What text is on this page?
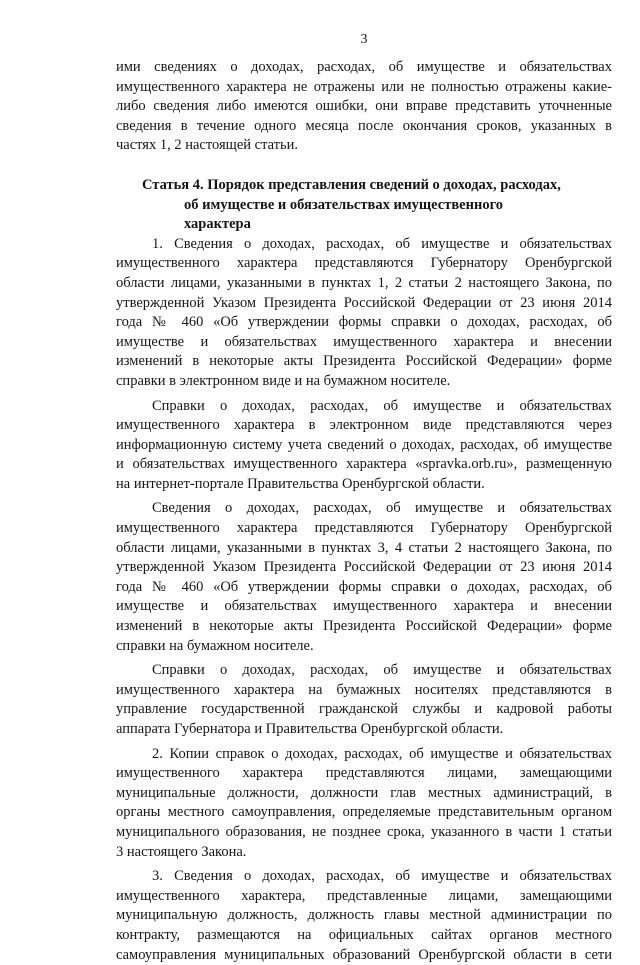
3
ими сведениях о доходах, расходах, об имуществе и обязательствах
имущественного характера не отражены или не полностью отражены какие-
либо сведения либо имеются ошибки, они вправе представить уточненные
сведения в течение одного месяца после окончания сроков, указанных в
частях 1, 2 настоящей статьи.
Статья 4. Порядок представления сведений о доходах, расходах,
об имуществе и обязательствах имущественного
характера
1. Сведения о доходах, расходах, об имуществе и обязательствах
имущественного характера представляются Губернатору Оренбургской
области лицами, указанными в пунктах 1, 2 статьи 2 настоящего Закона, по
утвержденной Указом Президента Российской Федерации от 23 июня 2014
года № 460 «Об утверждении формы справки о доходах, расходах, об
имуществе и обязательствах имущественного характера и внесении
изменений в некоторые акты Президента Российской Федерации» форме
справки в электронном виде и на бумажном носителе.
Справки о доходах, расходах, об имуществе и обязательствах
имущественного характера в электронном виде представляются через
информационную систему учета сведений о доходах, расходах, об имуществе
и обязательствах имущественного характера «spravka.orb.ru», размещенную
на интернет-портале Правительства Оренбургской области.
Сведения о доходах, расходах, об имуществе и обязательствах
имущественного характера представляются Губернатору Оренбургской
области лицами, указанными в пунктах 3, 4 статьи 2 настоящего Закона, по
утвержденной Указом Президента Российской Федерации от 23 июня 2014
года № 460 «Об утверждении формы справки о доходах, расходах, об
имуществе и обязательствах имущественного характера и внесении
изменений в некоторые акты Президента Российской Федерации» форме
справки на бумажном носителе.
Справки о доходах, расходах, об имуществе и обязательствах
имущественного характера на бумажных носителях представляются в
управление государственной гражданской службы и кадровой работы
аппарата Губернатора и Правительства Оренбургской области.
2. Копии справок о доходах, расходах, об имуществе и обязательствах
имущественного характера представляются лицами, замещающими
муниципальные должности, должности глав местных администраций, в
органы местного самоуправления, определяемые представительным органом
муниципального образования, не позднее срока, указанного в части 1 статьи
3 настоящего Закона.
3. Сведения о доходах, расходах, об имуществе и обязательствах
имущественного характера, представленные лицами, замещающими
муниципальную должность, должность главы местной администрации по
контракту, размещаются на официальных сайтах органов местного
самоуправления муниципальных образований Оренбургской области в сети
